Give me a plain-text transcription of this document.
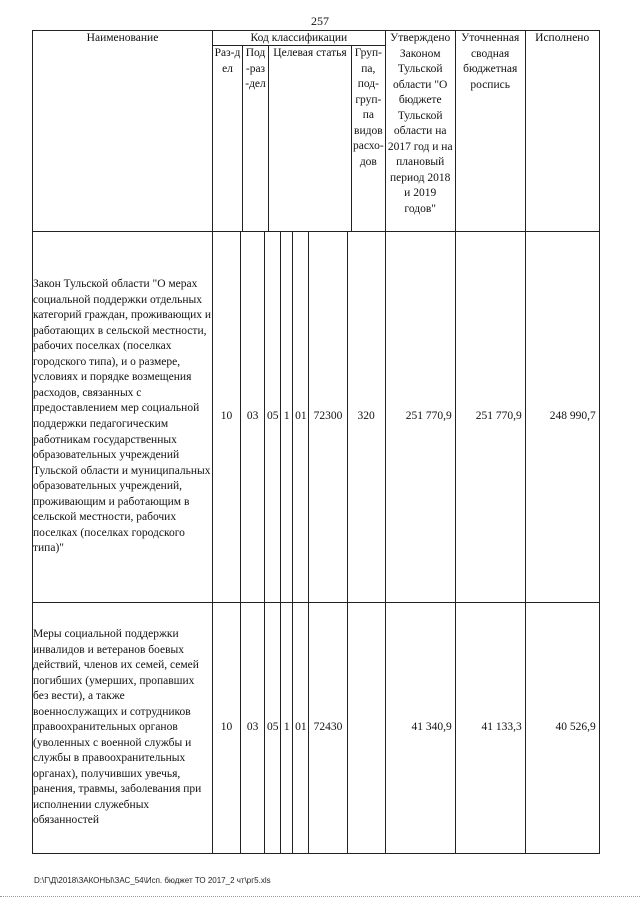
257
Наименование	Код классификации
Раз-дел
Под-раз-дел
Целевая статья Груп-па, под-груп-па видов расхо-дов							Утверждено Законом Тульской области "О бюджете Тульской области на 2017 год и на плановый период 2018 и 2019 годов"	Уточненная сводная бюджетная роспись	Исполнено

Закон Тульской области "О мерах социальной поддержки отдельных категорий граждан, проживающих и работающих в сельской местности, рабочих поселках (поселках городского типа), и о размере, условиях и порядке возмещения расходов, связанных с предоставлением мер социальной поддержки педагогическим работникам государственных образовательных учреждений Тульской области и муниципальных образовательных учреждений, проживающим и работающим в сельской местности, рабочих поселках (поселках городского типа)"	10	03	05	1	01	72300	320	251 770,9	251 770,9	248 990,7
Меры социальной поддержки инвалидов и ветеранов боевых действий, членов их семей, семей погибших (умерших, пропавших без вести), а также военнослужащих и сотрудников правоохранительных органов (уволенных с военной службы и службы в правоохранительных органах), получивших увечья, ранения, травмы, заболевания при исполнении служебных обязанностей	10	03	05	1	01	72430		41 340,9	41 133,3	40 526,9
D:\Г\Д\2018\ЗАКОНЫ\ЗАС_54\Исп. бюджет ТО 2017_2 чт\рг5.xls
